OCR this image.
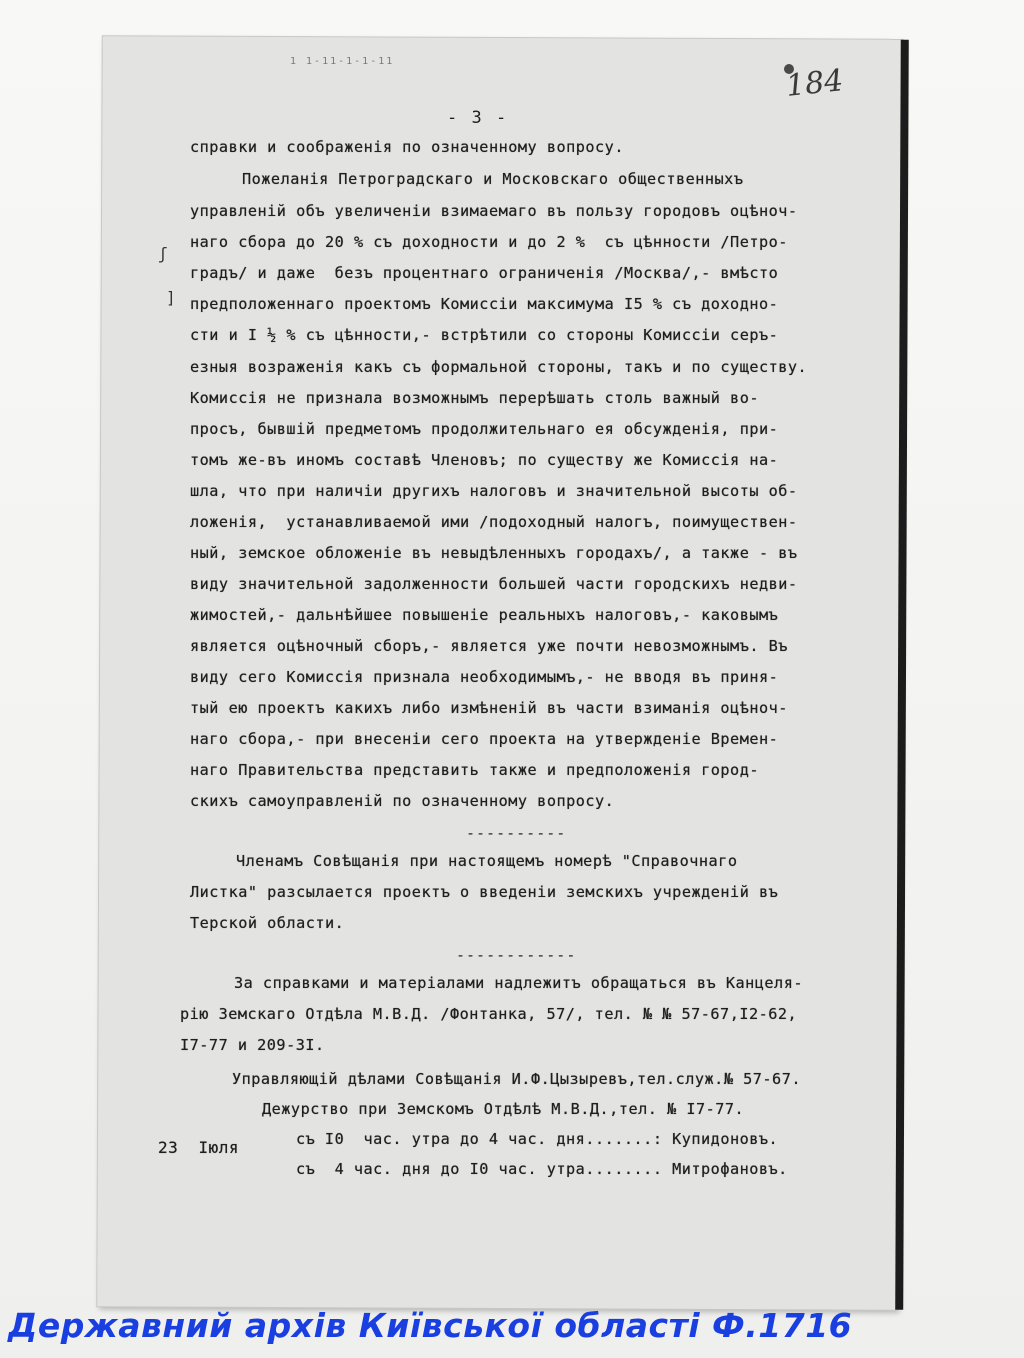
1 1-11-1-1-11
184
- 3 -
ʃ
]
справки и соображенія по означенному вопросу.
Пожеланія Петроградскаго и Московскаго общественныхъ
управленій объ увеличеніи взимаемаго въ пользу городовъ оцѣноч-
наго сбора до 20 % съ доходности и до 2 %  съ цѣнности /Петро-
градъ/ и даже  безъ процентнаго ограниченія /Москва/,- вмѣсто
предположеннаго проектомъ Комиссіи максимума I5 % съ доходно-
сти и I ½ % съ цѣнности,- встрѣтили со стороны Комиссіи серъ-
езныя возраженія какъ съ формальной стороны, такъ и по существу.
Комиссія не признала возможнымъ перерѣшать столь важный во-
просъ, бывшій предметомъ продолжительнаго ея обсужденія, при-
томъ же-въ иномъ составѣ Членовъ; по существу же Комиссія на-
шла, что при наличіи другихъ налоговъ и значительной высоты об-
ложенія,  устанавливаемой ими /подоходный налогъ, поимуществен-
ный, земское обложеніе въ невыдѣленныхъ городахъ/, а также - въ
виду значительной задолженности большей части городскихъ недви-
жимостей,- дальнѣйшее повышеніе реальныхъ налоговъ,- каковымъ
является оцѣночный сборъ,- является уже почти невозможнымъ. Въ
виду сего Комиссія признала необходимымъ,- не вводя въ приня-
тый ею проектъ какихъ либо измѣненій въ части взиманія оцѣноч-
наго сбора,- при внесеніи сего проекта на утвержденіе Времен-
наго Правительства представить также и предположенія город-
скихъ самоуправленій по означенному вопросу.
----------
Членамъ Совѣщанія при настоящемъ номерѣ "Справочнаго
Листка" разсылается проектъ о введеніи земскихъ учрежденій въ
Терской области.
------------
За справками и матеріалами надлежитъ обращаться въ Канцеля-
рію Земскаго Отдѣла М.В.Д. /Фонтанка, 57/, тел. № № 57-67,I2-62,
I7-77 и 209-3I.
Управляющій дѣлами Совѣщанія И.Ф.Цызыревъ,тел.служ.№ 57-67.
Дежурство при Земскомъ Отдѣлѣ М.В.Д.,тел. № I7-77.
23  Іюля	съ I0  час. утра до 4 час. дня.......: Купидоновъ.
съ  4 час. дня до I0 час. утра........ Митрофановъ.
Державний архів Київської області Ф.1716
